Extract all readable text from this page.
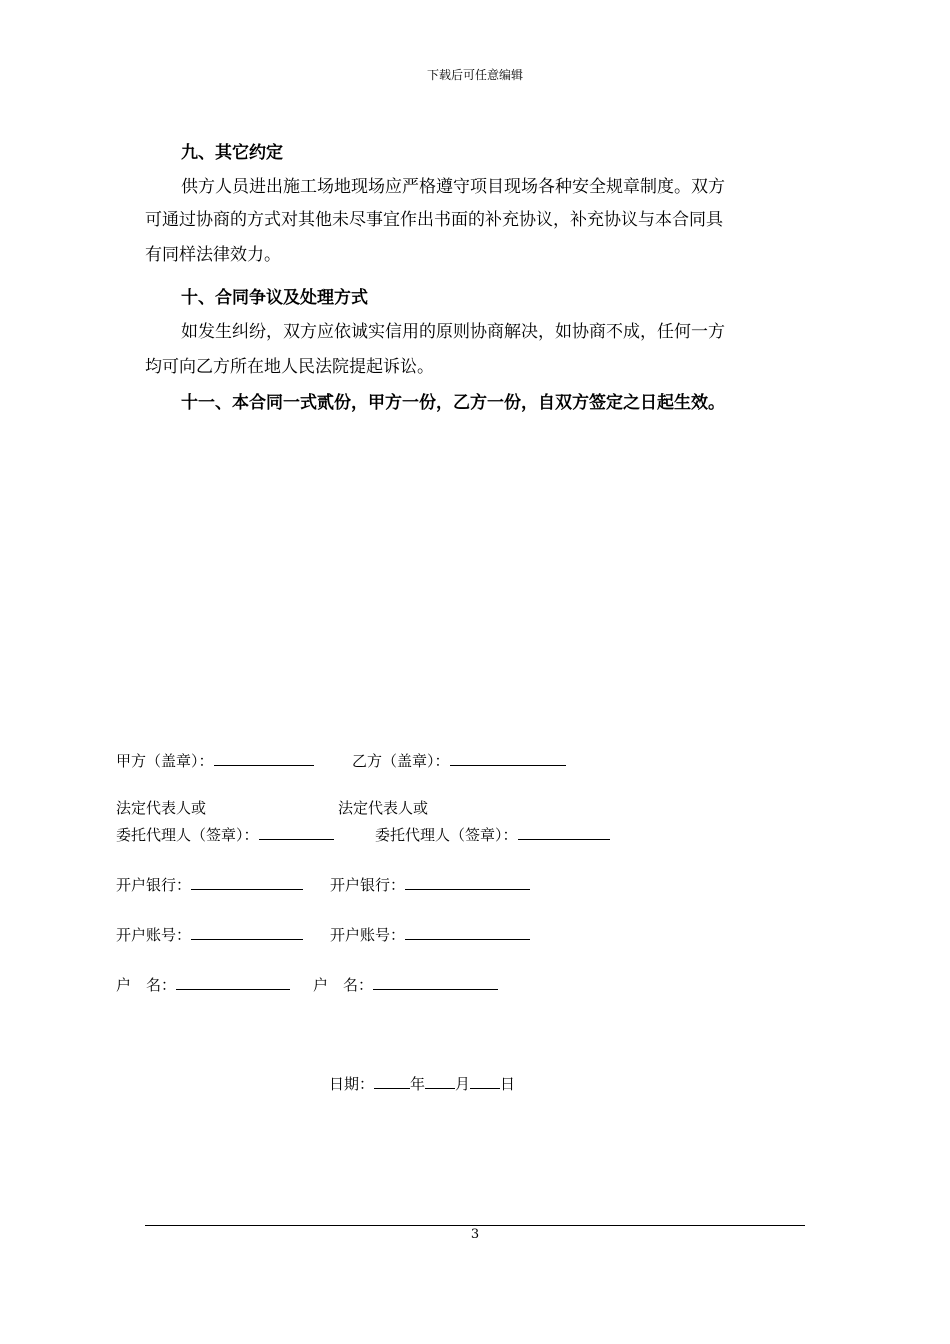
下载后可任意编辑
九、其它约定
供方人员进出施工场地现场应严格遵守项目现场各种安全规章制度。双方
可通过协商的方式对其他未尽事宜作出书面的补充协议，补充协议与本合同具
有同样法律效力。
十、合同争议及处理方式
如发生纠纷，双方应依诚实信用的原则协商解决，如协商不成，任何一方
均可向乙方所在地人民法院提起诉讼。
十一、本合同一式贰份，甲方一份，乙方一份，自双方签定之日起生效。
甲方（盖章）：	乙方（盖章）：
法定代表人或	法定代表人或
委托代理人（签章）：	委托代理人（签章）：
开户银行：	开户银行：
开户账号：	开户账号：
户　名：	户　名：
日期： 年 月 日
3
